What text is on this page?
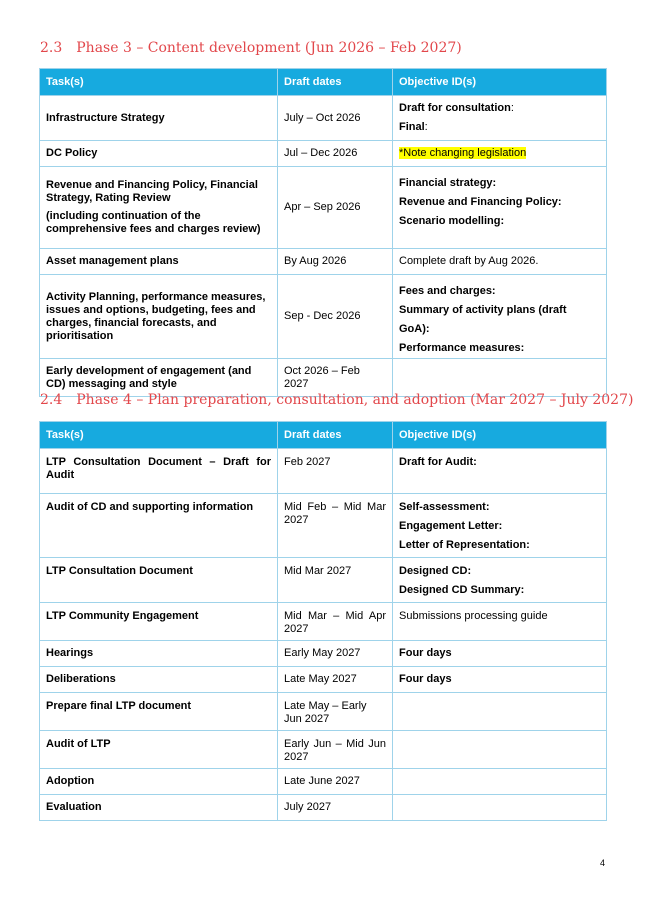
2.3 Phase 3 – Content development (Jun 2026 – Feb 2027)
Task(s)	Draft dates	Objective ID(s)
Infrastructure Strategy	July – Oct 2026	Draft for consultation:
Final:

DC Policy	Jul – Dec 2026	*Note changing legislation

Revenue and Financing Policy, Financial Strategy, Rating Review
(including continuation of the comprehensive fees and charges review)	Apr – Sep 2026	Financial strategy:
Revenue and Financing Policy:
Scenario modelling:

Asset management plans	By Aug 2026	Complete draft by Aug 2026.
Activity Planning, performance measures, issues and options, budgeting, fees and charges, financial forecasts, and prioritisation	Sep - Dec 2026	Fees and charges:
Summary of activity plans (draft GoA):
Performance measures:

Early development of engagement (and CD) messaging and style	Oct 2026 – Feb 2027	
2.4 Phase 4 – Plan preparation, consultation, and adoption (Mar 2027 – July 2027)
Task(s)	Draft dates	Objective ID(s)
LTP Consultation Document – Draft for Audit	Feb 2027	Draft for Audit:
Audit of CD and supporting information	Mid Feb – Mid Mar 2027	Self-assessment:
Engagement Letter:
Letter of Representation:

LTP Consultation Document	Mid Mar 2027	Designed CD:
Designed CD Summary:

LTP Community Engagement	Mid Mar – Mid Apr 2027	Submissions processing guide
Hearings	Early May 2027	Four days
Deliberations	Late May 2027	Four days
Prepare final LTP document	Late May – Early Jun 2027	
Audit of LTP	Early Jun – Mid Jun 2027	
Adoption	Late June 2027	
Evaluation	July 2027	
4
